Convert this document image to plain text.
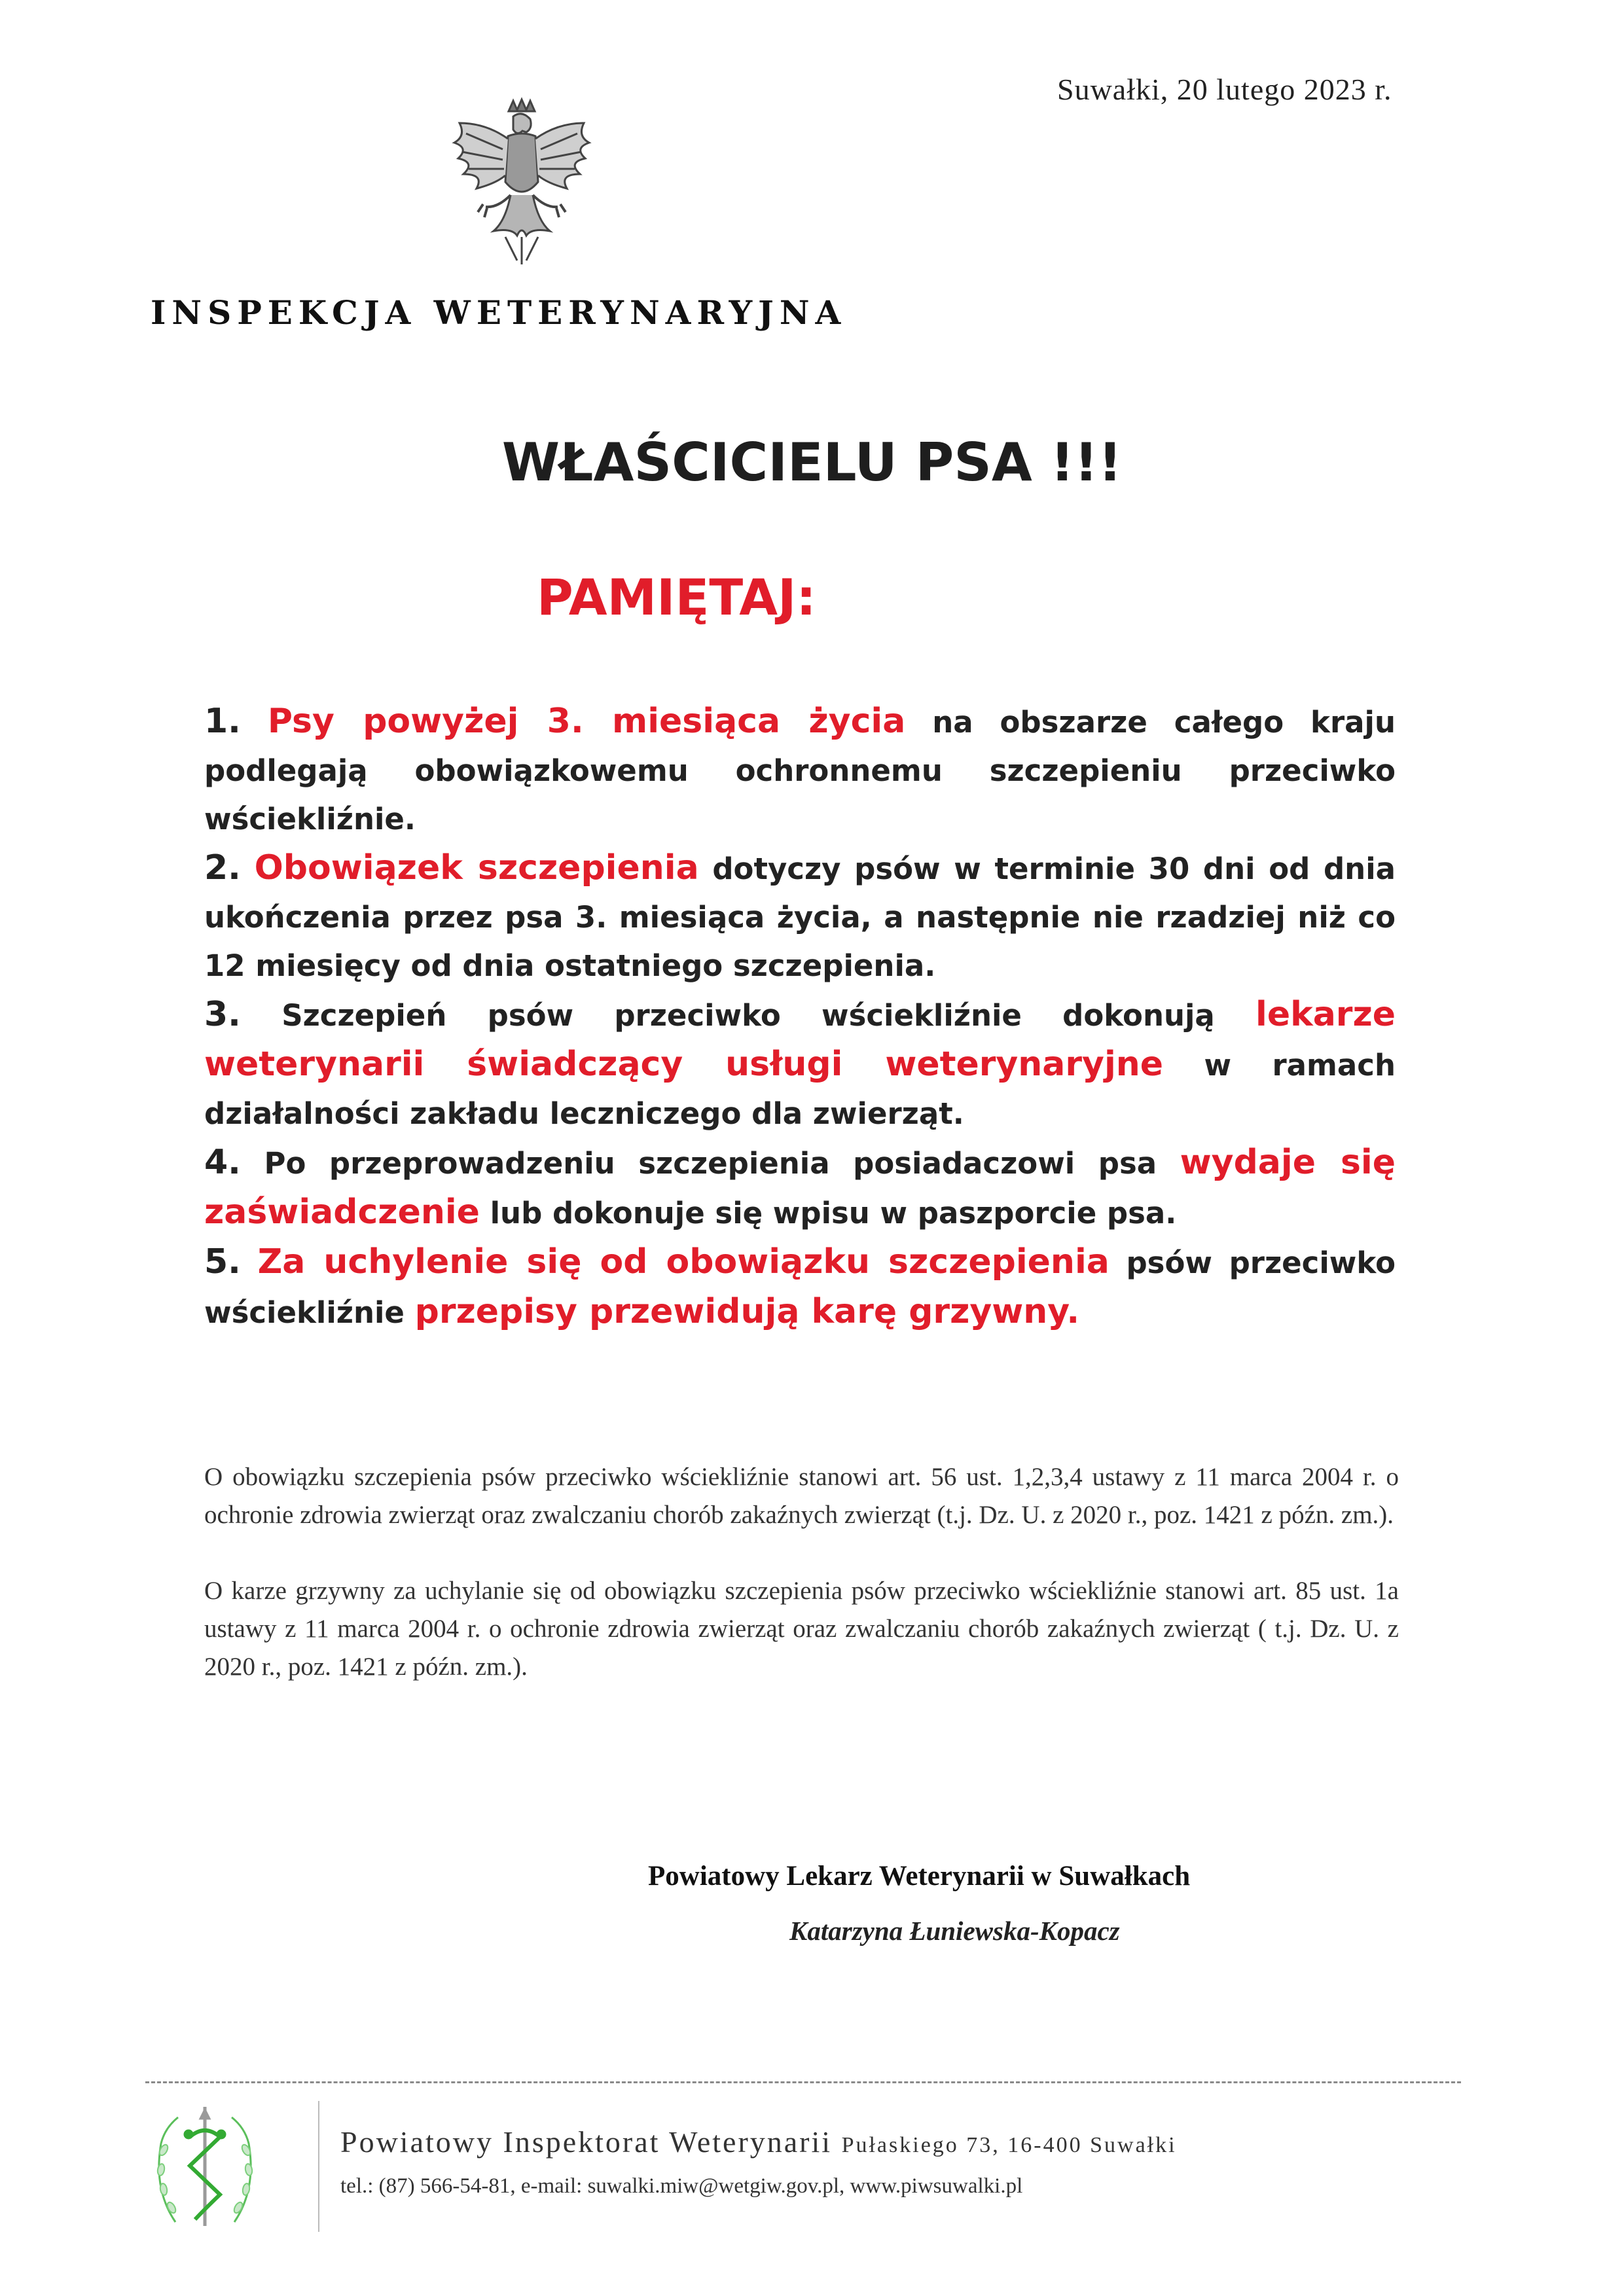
Suwałki, 20 lutego 2023 r.
INSPEKCJA WETERYNARYJNA
WŁAŚCICIELU PSA !!!
PAMIĘTAJ:

1. Psy powyżej 3. miesiąca życia na obszarze całego kraju podlegają obowiązkowemu ochronnemu szczepieniu przeciwko wściekliźnie.

2. Obowiązek szczepienia dotyczy psów w terminie 30 dni od dnia ukończenia przez psa 3. miesiąca życia, a następnie nie rzadziej niż co 12 miesięcy od dnia ostatniego szczepienia.

3. Szczepień psów przeciwko wściekliźnie dokonują lekarze weterynarii świadczący usługi weterynaryjne w ramach działalności zakładu leczniczego dla zwierząt.

4. Po przeprowadzeniu szczepienia posiadaczowi psa wydaje się zaświadczenie lub dokonuje się wpisu w paszporcie psa.

5. Za uchylenie się od obowiązku szczepienia psów przeciwko wściekliźnie przepisy przewidują karę grzywny.

O obowiązku szczepienia psów przeciwko wściekliźnie stanowi art. 56 ust. 1,2,3,4 ustawy z 11 marca 2004 r. o ochronie zdrowia zwierząt oraz zwalczaniu chorób zakaźnych zwierząt (t.j. Dz. U. z 2020 r., poz. 1421 z późn. zm.).

O karze grzywny za uchylanie się od obowiązku szczepienia psów przeciwko wściekliźnie stanowi art. 85 ust. 1a ustawy z 11 marca 2004 r. o ochronie zdrowia zwierząt oraz zwalczaniu chorób zakaźnych zwierząt ( t.j. Dz. U. z 2020 r., poz. 1421 z późn. zm.).

Powiatowy Lekarz Weterynarii w Suwałkach
Katarzyna Łuniewska-Kopacz
Powiatowy Inspektorat Weterynarii Pułaskiego 73, 16-400 Suwałki
tel.: (87) 566-54-81, e-mail: suwalki.miw@wetgiw.gov.pl, www.piwsuwalki.pl
